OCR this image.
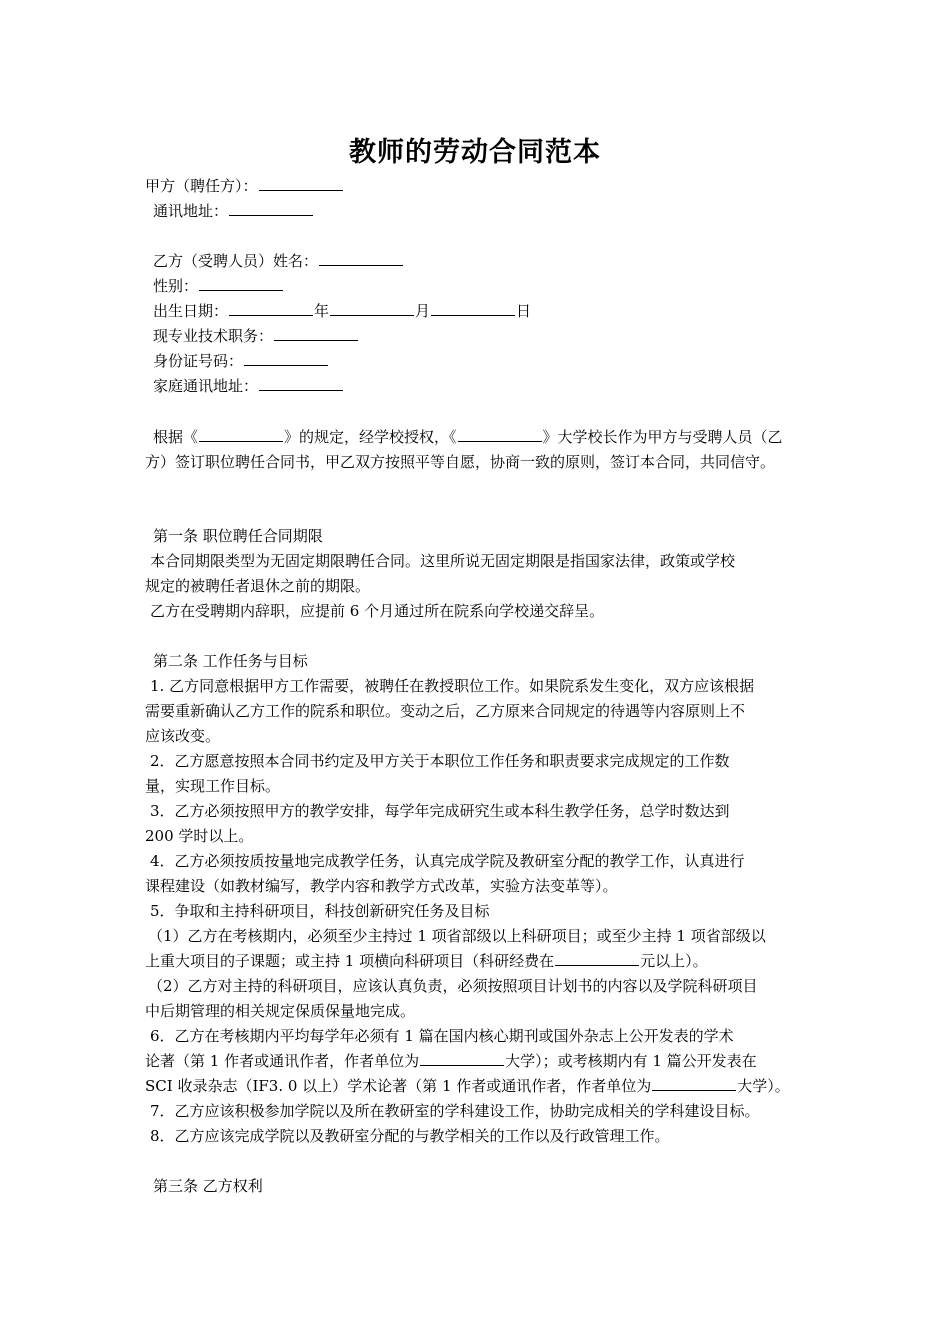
教师的劳动合同范本

甲方（聘任方）：

通讯地址：

乙方（受聘人员）姓名：

性别：

出生日期：	年	月	日

现专业技术职务：

身份证号码：

家庭通讯地址：

根据《	》的规定，经学校授权，《	》大学校长作为甲方与受聘人员（乙

方）签订职位聘任合同书，甲乙双方按照平等自愿，协商一致的原则，签订本合同，共同信守。

第一条 职位聘任合同期限

本合同期限类型为无固定期限聘任合同。这里所说无固定期限是指国家法律，政策或学校

规定的被聘任者退休之前的期限。

乙方在受聘期内辞职，应提前 6 个月通过所在院系向学校递交辞呈。

第二条 工作任务与目标

1. 乙方同意根据甲方工作需要，被聘任在教授职位工作。如果院系发生变化，双方应该根据

需要重新确认乙方工作的院系和职位。变动之后，乙方原来合同规定的待遇等内容原则上不

应该改变。

2．乙方愿意按照本合同书约定及甲方关于本职位工作任务和职责要求完成规定的工作数

量，实现工作目标。

3．乙方必须按照甲方的教学安排，每学年完成研究生或本科生教学任务，总学时数达到

200 学时以上。

4．乙方必须按质按量地完成教学任务，认真完成学院及教研室分配的教学工作，认真进行

课程建设（如教材编写，教学内容和教学方式改革，实验方法变革等）。

5．争取和主持科研项目，科技创新研究任务及目标

（1）乙方在考核期内，必须至少主持过 1 项省部级以上科研项目；或至少主持 1 项省部级以

上重大项目的子课题；或主持 1 项横向科研项目（科研经费在	元以上）。

（2）乙方对主持的科研项目，应该认真负责，必须按照项目计划书的内容以及学院科研项目

中后期管理的相关规定保质保量地完成。

6．乙方在考核期内平均每学年必须有 1 篇在国内核心期刊或国外杂志上公开发表的学术

论著（第 1 作者或通讯作者，作者单位为	大学）；或考核期内有 1 篇公开发表在

SCI 收录杂志（IF3. 0 以上）学术论著（第 1 作者或通讯作者，作者单位为	大学）。

7．乙方应该积极参加学院以及所在教研室的学科建设工作，协助完成相关的学科建设目标。

8．乙方应该完成学院以及教研室分配的与教学相关的工作以及行政管理工作。

第三条 乙方权利
